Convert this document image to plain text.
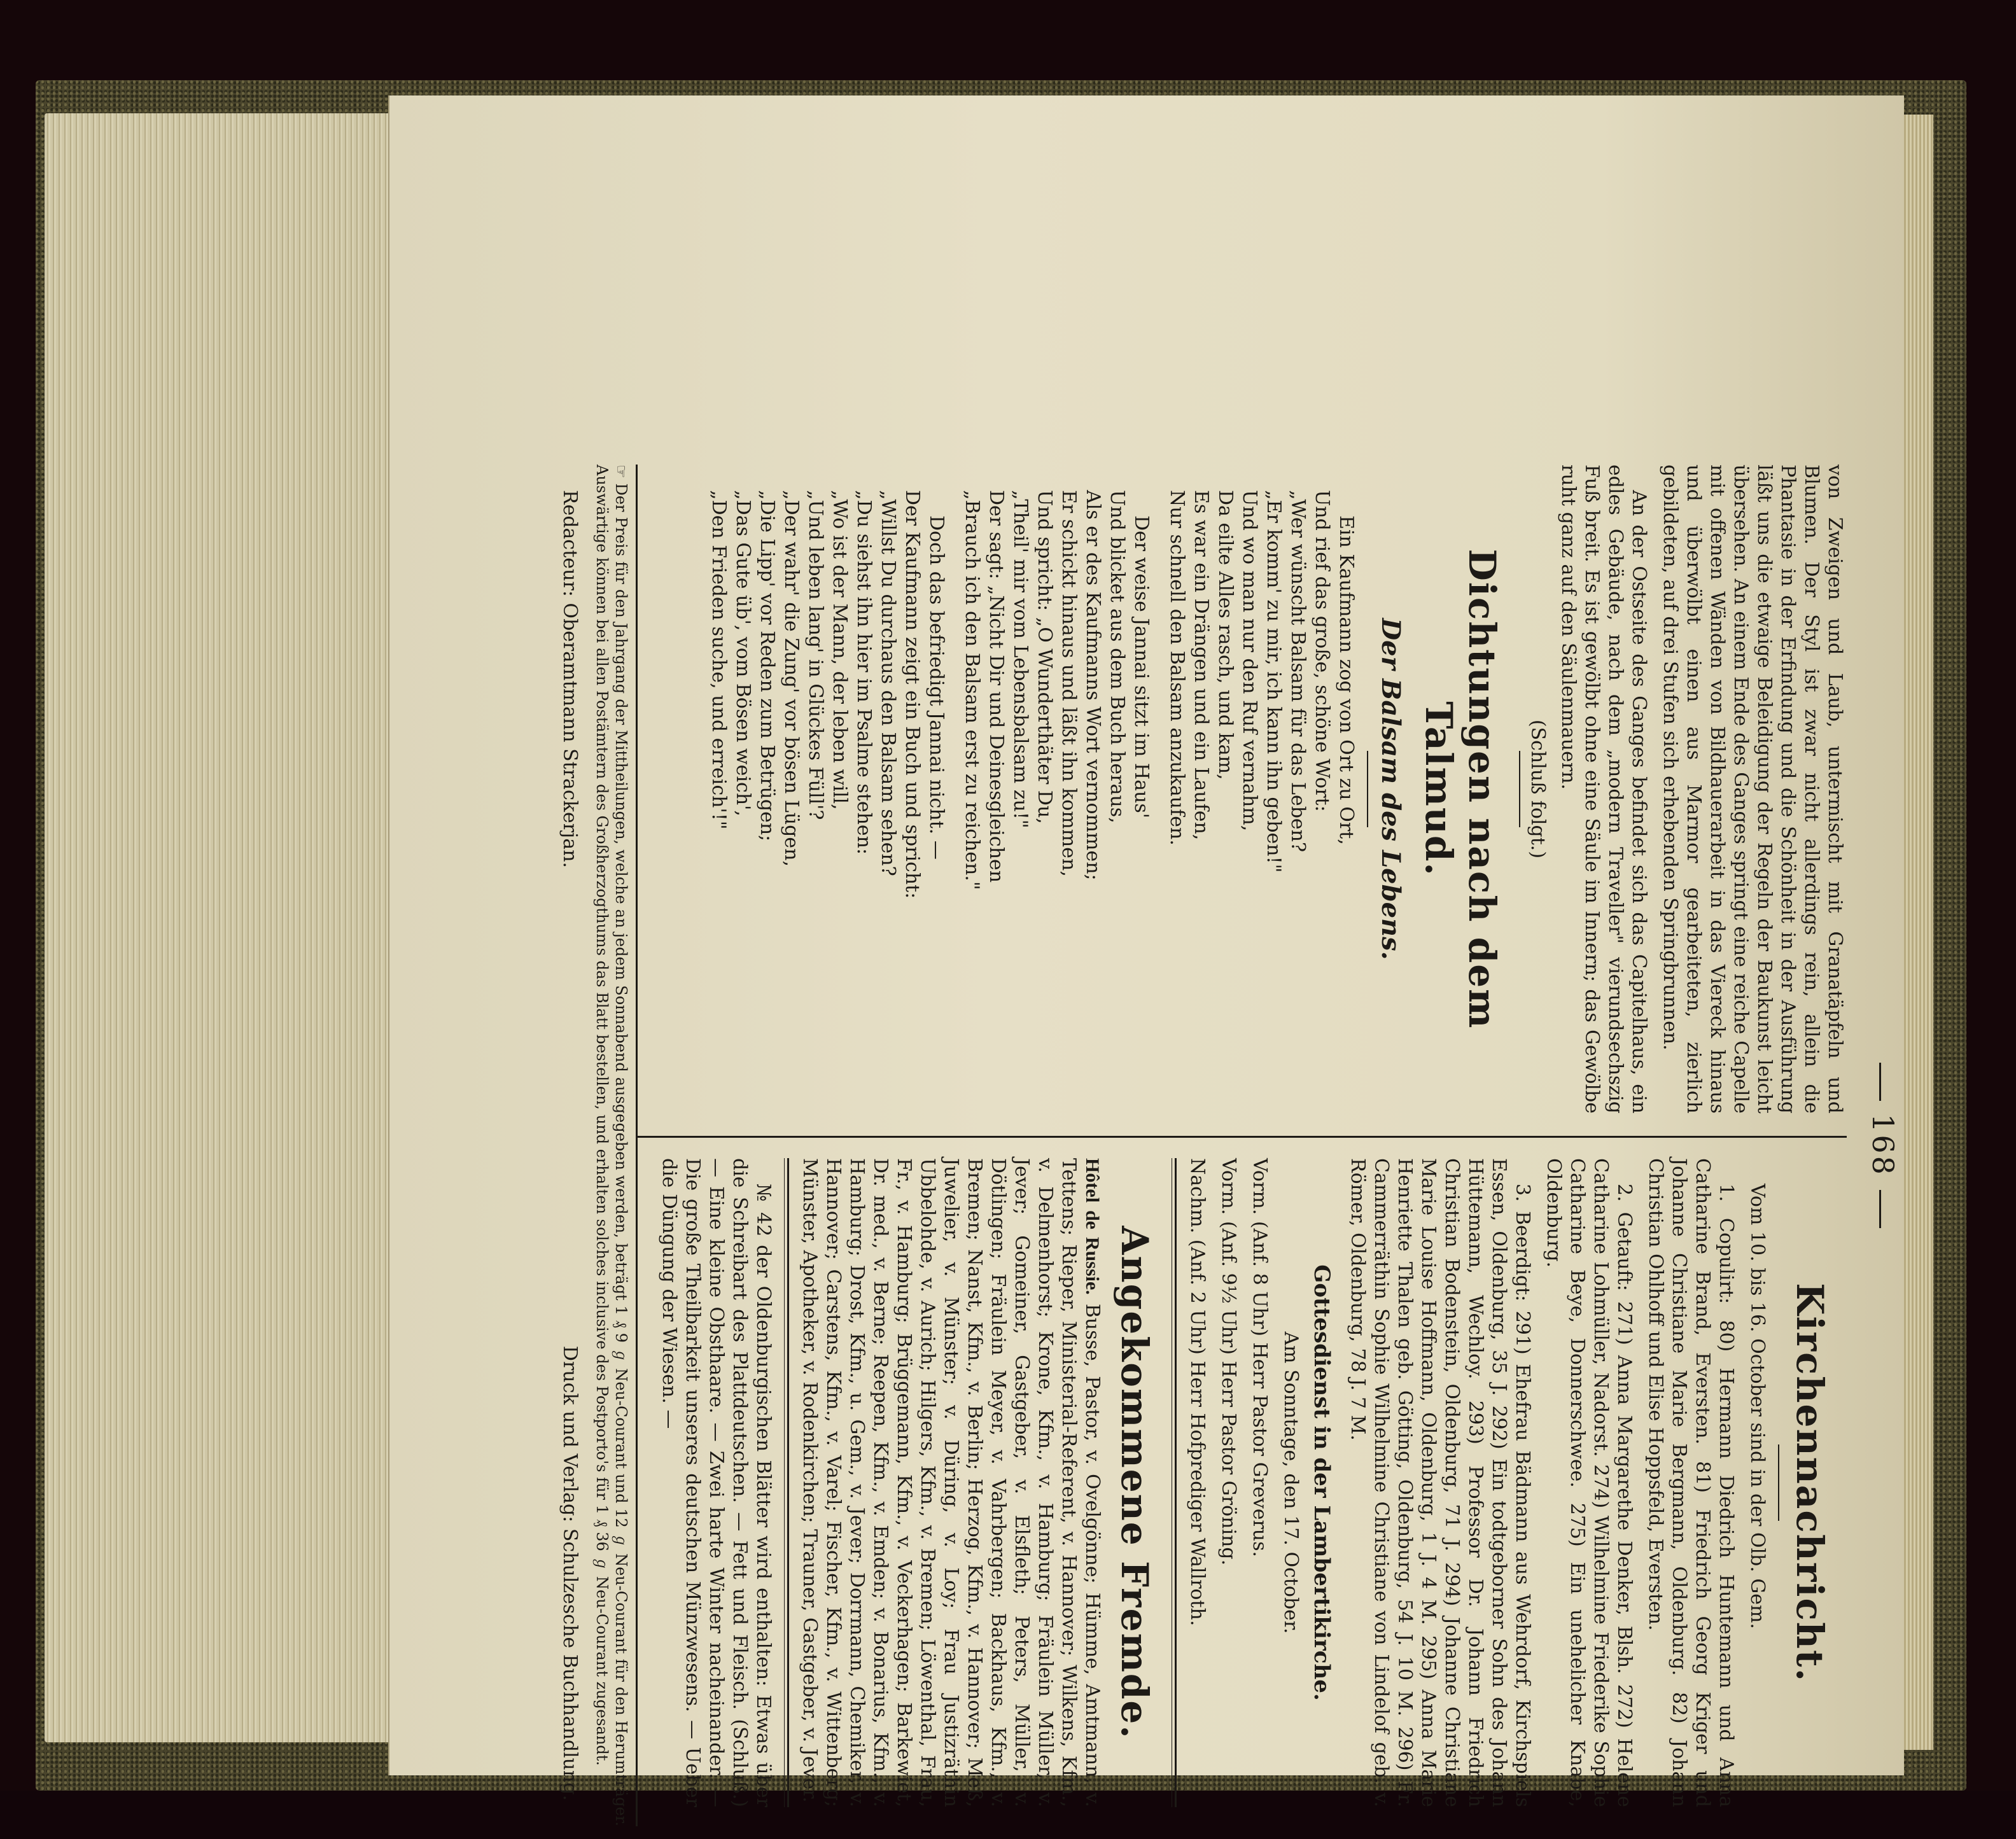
168

von Zweigen und Laub, untermischt mit Granatäpfeln und Blumen. Der Styl ist zwar nicht allerdings rein, allein die Phantasie in der Erfindung und die Schönheit in der Ausführung läßt uns die etwaige Beleidigung der Regeln der Baukunst leicht übersehen. An einem Ende des Ganges springt eine reiche Capelle mit offenen Wänden von Bildhauerarbeit in das Viereck hinaus und überwölbt einen aus Marmor gearbeiteten, zierlich gebildeten, auf drei Stufen sich erhebenden Springbrunnen.

An der Ostseite des Ganges befindet sich das Capitelhaus, ein edles Gebäude, nach dem „modern Traveller" vierundsechszig Fuß breit. Es ist gewölbt ohne eine Säule im Innern; das Gewölbe ruht ganz auf den Säulenmauern.

(Schluß folgt.)
Dichtungen nach dem Talmud.
Der Balsam des Lebens.

Ein Kaufmann zog von Ort zu Ort,

Und rief das große, schöne Wort:

„Wer wünscht Balsam für das Leben?

„Er komm' zu mir, ich kann ihn geben!"

Und wo man nur den Ruf vernahm,

Da eilte Alles rasch, und kam,

Es war ein Drängen und ein Laufen,

Nur schnell den Balsam anzukaufen.

Der weise Jannai sitzt im Haus'

Und blicket aus dem Buch heraus,

Als er des Kaufmanns Wort vernommen;

Er schickt hinaus und läßt ihn kommen,

Und spricht: „O Wunderthäter Du,

„Theil' mir vom Lebensbalsam zu!"

Der sagt: „Nicht Dir und Deinesgleichen

„Brauch ich den Balsam erst zu reichen."

Doch das befriedigt Jannai nicht. —

Der Kaufmann zeigt ein Buch und spricht:

„Willst Du durchaus den Balsam sehen?

„Du siehst ihn hier im Psalme stehen:

„Wo ist der Mann, der leben will,

„Und leben lang' in Glückes Füll'?

„Der wahr' die Zung' vor bösen Lügen,

„Die Lipp' vor Reden zum Betrügen;

„Das Gute üb', vom Bösen weich',

„Den Frieden suche, und erreich'!"

Kirchennachricht.

Vom 10. bis 16. October sind in der Olb. Gem.

1. Copulirt: 80) Hermann Diedrich Huntemann und Anna Catharine Brand, Eversten. 81) Friedrich Georg Kriger und Johanne Christiane Marie Bergmann, Oldenburg. 82) Johann Christian Ohlhoff und Elise Hoppsfeld, Eversten.

2. Getauft: 271) Anna Margarethe Denker, Blsh. 272) Helene Catharine Lohmüller, Nadorst. 274) Wilhelmine Friederike Sophie Catharine Beye, Donnerschwee. 275) Ein unehelicher Knabe, Oldenburg.

3. Beerdigt: 291) Ehefrau Bädmann aus Wehrdorf, Kirchspiels Essen, Oldenburg, 35 J. 292) Ein todtgeborner Sohn des Johann Hüttemann, Wechloy. 293) Professor Dr. Johann Friedrich Christian Bodenstein, Oldenburg, 71 J. 294) Johanne Christiane Marie Louise Hoffmann, Oldenburg, 1 J. 4 M. 295) Anna Marie Henriette Thalen geb. Götting, Oldenburg, 54 J. 10 M. 296) Fr. Cammerräthin Sophie Wilhelmine Christiane von Lindelof geb. v. Römer, Oldenburg, 78 J. 7 M.

Gottesdienst in der Lambertikirche.

Am Sonntage, den 17. October.

Vorm. (Anf. 8 Uhr) Herr Pastor Greverus.

Vorm. (Anf. 9½ Uhr) Herr Pastor Gröning.

Nachm. (Anf. 2 Uhr) Herr Hofprediger Wallroth.

Angekommene Fremde.

Hôtel de Russie. Busse, Pastor, v. Ovelgönne; Hümme, Amtmann, v. Tettens; Rieper, Ministerial-Referent, v. Hannover; Wilkens, Kfm., v. Delmenhorst; Krone, Kfm., v. Hamburg; Fräulein Müller, v. Jever; Gomeiner, Gastgeber, v. Elsfleth; Peters, Müller, v. Dötlingen; Fräulein Meyer, v. Vahrbergen; Backhaus, Kfm., v. Bremen; Nanst, Kfm., v. Berlin; Herzog, Kfm., v. Hannover; Meß, Juwelier, v. Münster; v. Düring, v. Loy; Frau Justizräthin Ubbelohde, v. Aurich; Hilgers, Kfm., v. Bremen; Löwenthal, Frau, Fr., v. Hamburg; Brüggemann, Kfm., v. Veckerhagen; Barkewiet, Dr. med., v. Berne; Reepen, Kfm., v. Emden; v. Bonarius, Kfm., v. Hamburg; Drost, Kfm., u. Gem., v. Jever; Dorrmann, Chemiker, v. Hannover; Carstens, Kfm., v. Varel; Fischer, Kfm., v. Wittenberg; Münster, Apotheker, v. Rodenkirchen; Trauner, Gastgeber, v. Jever.

№ 42 der Oldenburgischen Blätter wird enthalten: Etwas über die Schreibart des Plattdeutschen. — Fett und Fleisch. (Schluß.) — Eine kleine Obsthaare. — Zwei harte Winter nacheinander. — Die große Theilbarkeit unseres deutschen Münzwesens. — Ueber die Düngung der Wiesen. —

☞ Der Preis für den Jahrgang der Mittheilungen, welche an jedem Sonnabend ausgegeben werden, beträgt 1 ₰ 9 ℊ Neu-Courant und 12 ℊ Neu-Courant für den Herumträger. Auswärtige können bei allen Postämtern des Großherzogthums das Blatt bestellen, und erhalten solches inclusive des Postporto's für 1 ₰ 36 ℊ Neu-Courant zugesandt.

Redacteur: Oberamtmann Strackerjan.
Druck und Verlag: Schulzesche Buchhandlung.
